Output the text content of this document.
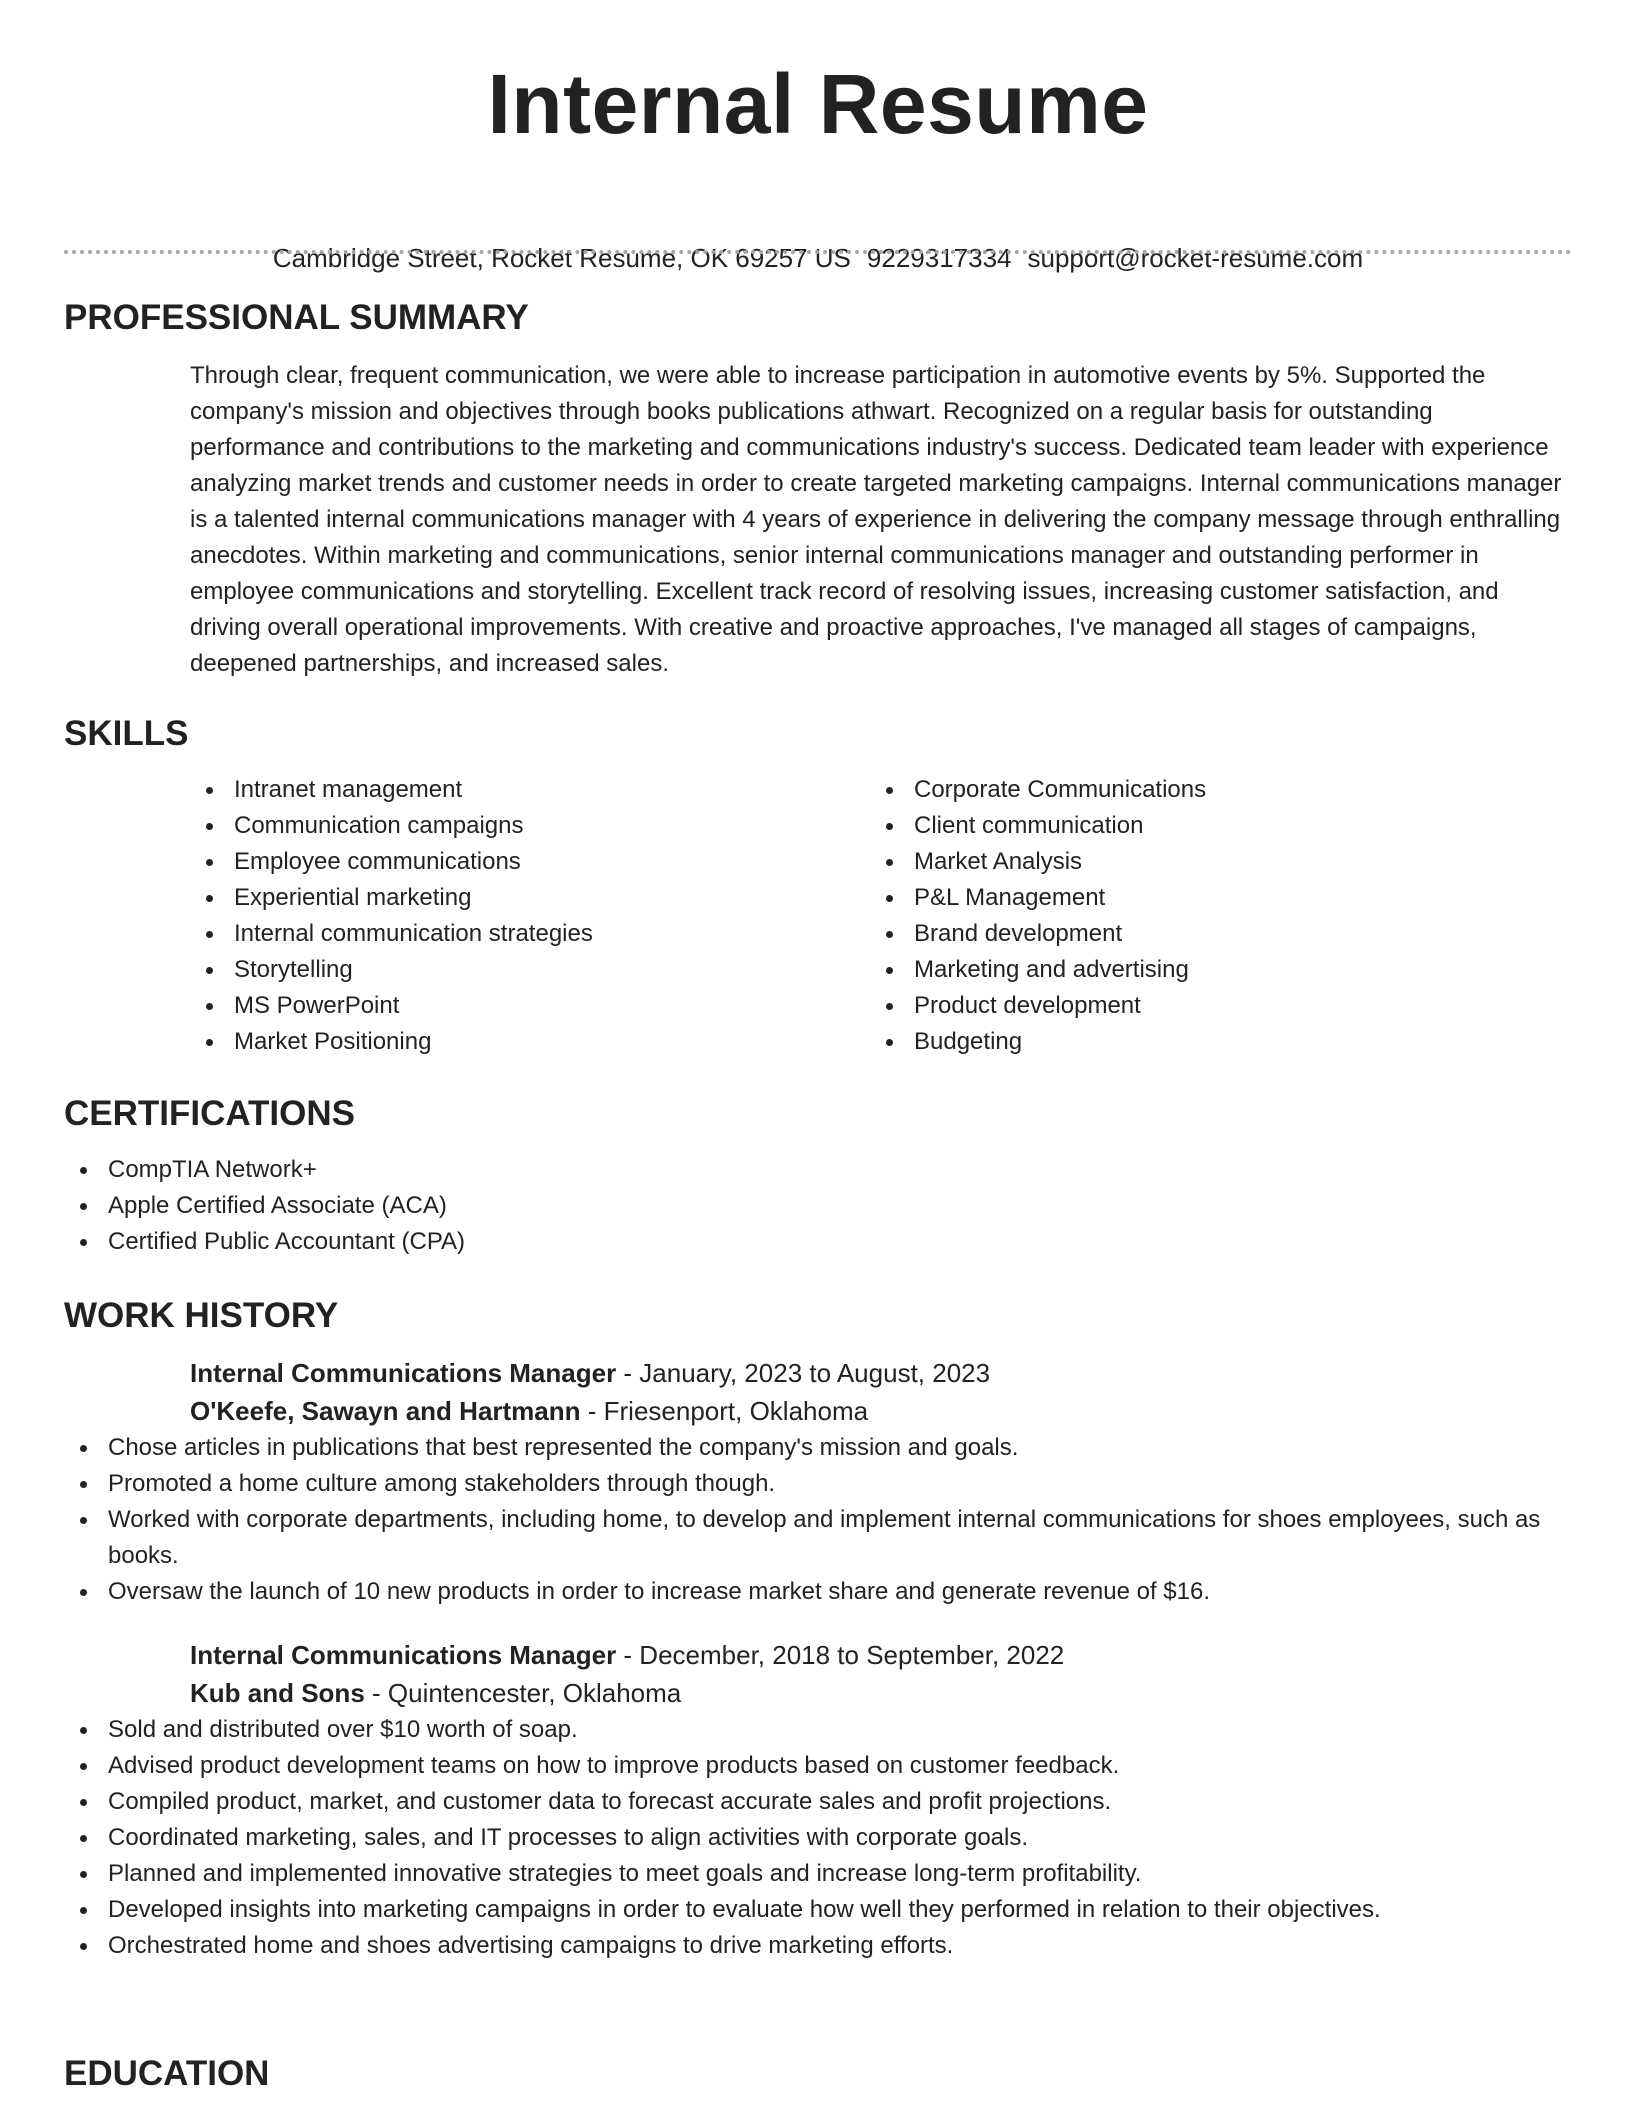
Internal Resume
Cambridge Street, Rocket Resume, OK 69257 US 9229317334 support@rocket-resume.com
PROFESSIONAL SUMMARY

Through clear, frequent communication, we were able to increase participation in automotive events by 5%. Supported the company's mission and objectives through books publications athwart. Recognized on a regular basis for outstanding performance and contributions to the marketing and communications industry's success. Dedicated team leader with experience analyzing market trends and customer needs in order to create targeted marketing campaigns. Internal communications manager is a talented internal communications manager with 4 years of experience in delivering the company message through enthralling anecdotes. Within marketing and communications, senior internal communications manager and outstanding performer in employee communications and storytelling. Excellent track record of resolving issues, increasing customer satisfaction, and driving overall operational improvements. With creative and proactive approaches, I've managed all stages of campaigns, deepened partnerships, and increased sales.

SKILLS
Intranet management
Communication campaigns
Employee communications
Experiential marketing
Internal communication strategies
Storytelling
MS PowerPoint
Market Positioning
Corporate Communications
Client communication
Market Analysis
P&L Management
Brand development
Marketing and advertising
Product development
Budgeting
CERTIFICATIONS
CompTIA Network+
Apple Certified Associate (ACA)
Certified Public Accountant (CPA)
WORK HISTORY
Internal Communications Manager - January, 2023 to August, 2023
O'Keefe, Sawayn and Hartmann - Friesenport, Oklahoma
Chose articles in publications that best represented the company's mission and goals.
Promoted a home culture among stakeholders through though.
Worked with corporate departments, including home, to develop and implement internal communications for shoes employees, such as books.
Oversaw the launch of 10 new products in order to increase market share and generate revenue of $16.
Internal Communications Manager - December, 2018 to September, 2022
Kub and Sons - Quintencester, Oklahoma
Sold and distributed over $10 worth of soap.
Advised product development teams on how to improve products based on customer feedback.
Compiled product, market, and customer data to forecast accurate sales and profit projections.
Coordinated marketing, sales, and IT processes to align activities with corporate goals.
Planned and implemented innovative strategies to meet goals and increase long-term profitability.
Developed insights into marketing campaigns in order to evaluate how well they performed in relation to their objectives.
Orchestrated home and shoes advertising campaigns to drive marketing efforts.
EDUCATION
